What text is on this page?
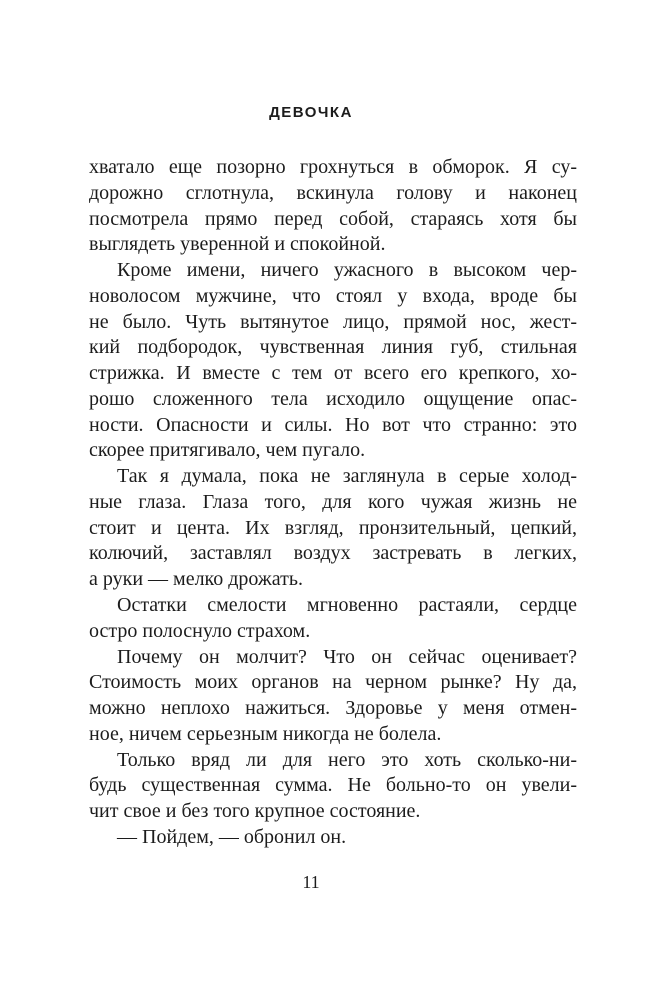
ДЕВОЧКА
хватало еще позорно грохнуться в обморок. Я су-
дорожно сглотнула, вскинула голову и наконец
посмотрела прямо перед собой, стараясь хотя бы
выглядеть уверенной и спокойной.
Кроме имени, ничего ужасного в высоком чер-
новолосом мужчине, что стоял у входа, вроде бы
не было. Чуть вытянутое лицо, прямой нос, жест-
кий подбородок, чувственная линия губ, стильная
стрижка. И вместе с тем от всего его крепкого, хо-
рошо сложенного тела исходило ощущение опас-
ности. Опасности и силы. Но вот что странно: это
скорее притягивало, чем пугало.
Так я думала, пока не заглянула в серые холод-
ные глаза. Глаза того, для кого чужая жизнь не
стоит и цента. Их взгляд, пронзительный, цепкий,
колючий, заставлял воздух застревать в легких,
а руки — мелко дрожать.
Остатки смелости мгновенно растаяли, сердце
остро полоснуло страхом.
Почему он молчит? Что он сейчас оценивает?
Стоимость моих органов на черном рынке? Ну да,
можно неплохо нажиться. Здоровье у меня отмен-
ное, ничем серьезным никогда не болела.
Только вряд ли для него это хоть сколько-ни-
будь существенная сумма. Не больно-то он увели-
чит свое и без того крупное состояние.
— Пойдем, — обронил он.
11
